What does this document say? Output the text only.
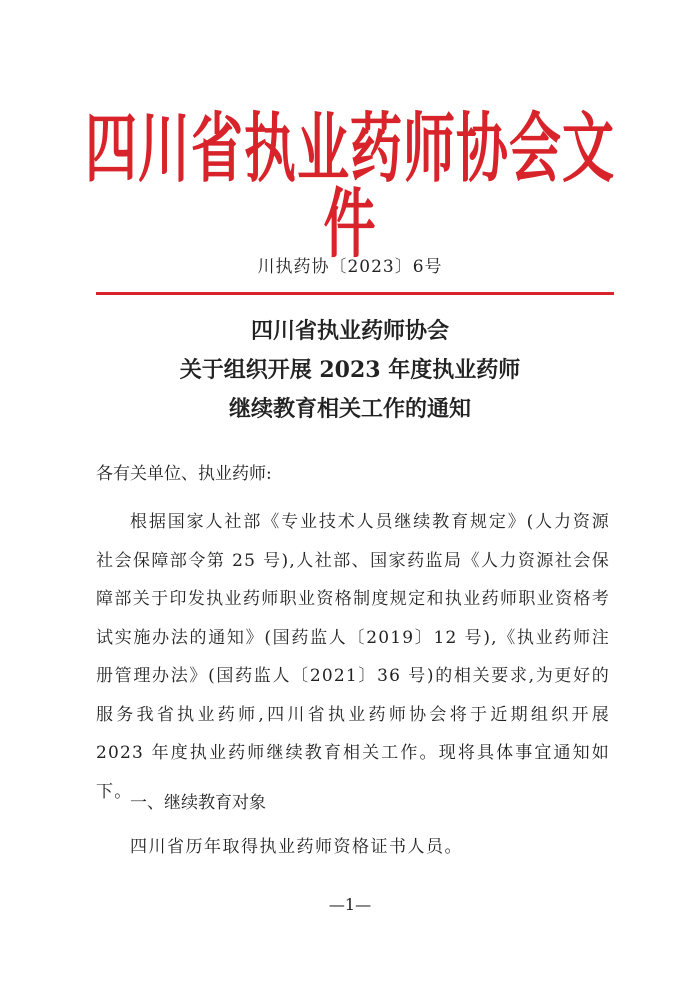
四川省执业药师协会文件
川执药协〔2023〕6号
四川省执业药师协会
关于组织开展 2023 年度执业药师
继续教育相关工作的通知
各有关单位、执业药师:
根据国家人社部《专业技术人员继续教育规定》(人力资源社会保障部令第 25 号),人社部、国家药监局《人力资源社会保障部关于印发执业药师职业资格制度规定和执业药师职业资格考试实施办法的通知》(国药监人〔2019〕12 号),《执业药师注册管理办法》(国药监人〔2021〕36 号)的相关要求,为更好的服务我省执业药师,四川省执业药师协会将于近期组织开展 2023 年度执业药师继续教育相关工作。现将具体事宜通知如下。
一、继续教育对象
四川省历年取得执业药师资格证书人员。
—1—
